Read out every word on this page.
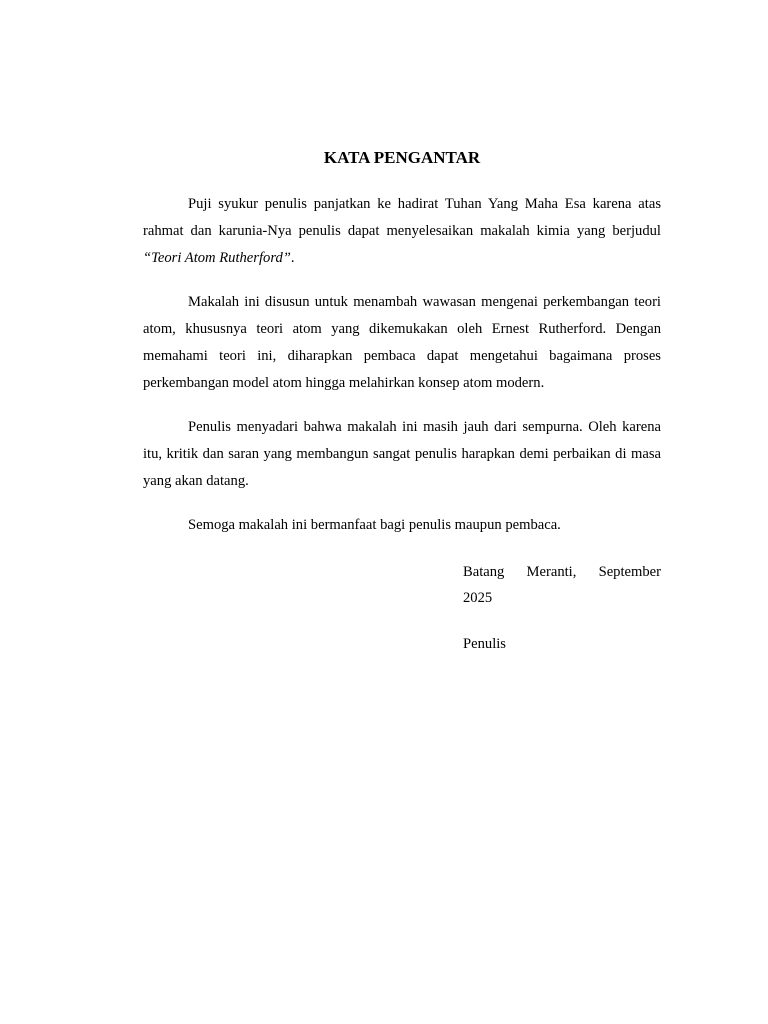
KATA PENGANTAR

Puji syukur penulis panjatkan ke hadirat Tuhan Yang Maha Esa karena atas rahmat dan karunia-Nya penulis dapat menyelesaikan makalah kimia yang berjudul “Teori Atom Rutherford”.

Makalah ini disusun untuk menambah wawasan mengenai perkembangan teori atom, khususnya teori atom yang dikemukakan oleh Ernest Rutherford. Dengan memahami teori ini, diharapkan pembaca dapat mengetahui bagaimana proses perkembangan model atom hingga melahirkan konsep atom modern.

Penulis menyadari bahwa makalah ini masih jauh dari sempurna. Oleh karena itu, kritik dan saran yang membangun sangat penulis harapkan demi perbaikan di masa yang akan datang.

Semoga makalah ini bermanfaat bagi penulis maupun pembaca.

Batang Meranti, September
2025

Penulis
